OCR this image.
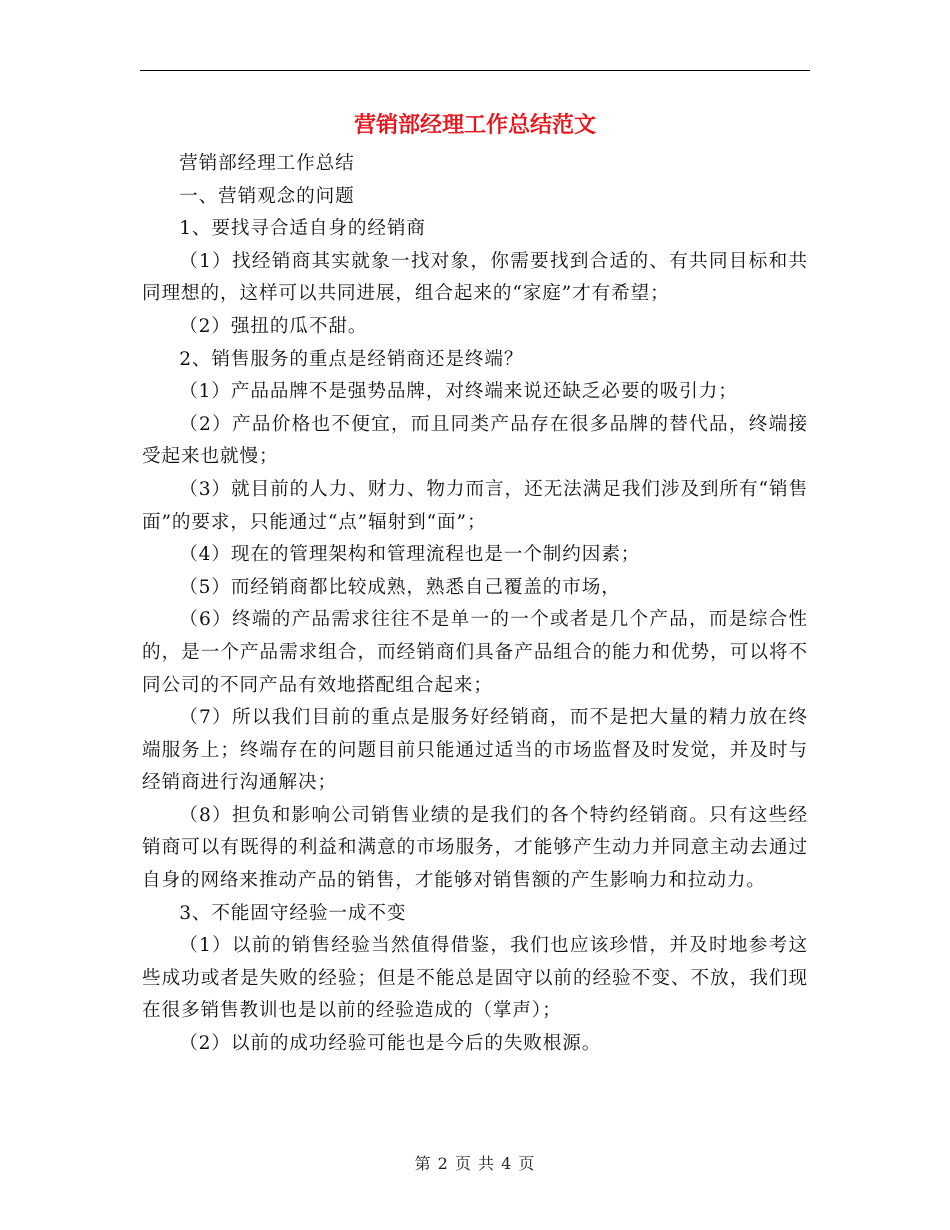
营销部经理工作总结范文

营销部经理工作总结

一、营销观念的问题

1、要找寻合适自身的经销商

（1）找经销商其实就象一找对象，你需要找到合适的、有共同目标和共同理想的，这样可以共同进展，组合起来的“家庭”才有希望；

（2）强扭的瓜不甜。

2、销售服务的重点是经销商还是终端？

（1）产品品牌不是强势品牌，对终端来说还缺乏必要的吸引力；

（2）产品价格也不便宜，而且同类产品存在很多品牌的替代品，终端接受起来也就慢；

（3）就目前的人力、财力、物力而言，还无法满足我们涉及到所有“销售面”的要求，只能通过“点”辐射到“面”；

（4）现在的管理架构和管理流程也是一个制约因素；

（5）而经销商都比较成熟，熟悉自己覆盖的市场，

（6）终端的产品需求往往不是单一的一个或者是几个产品，而是综合性的，是一个产品需求组合，而经销商们具备产品组合的能力和优势，可以将不同公司的不同产品有效地搭配组合起来；

（7）所以我们目前的重点是服务好经销商，而不是把大量的精力放在终端服务上；终端存在的问题目前只能通过适当的市场监督及时发觉，并及时与经销商进行沟通解决；

（8）担负和影响公司销售业绩的是我们的各个特约经销商。只有这些经销商可以有既得的利益和满意的市场服务，才能够产生动力并同意主动去通过自身的网络来推动产品的销售，才能够对销售额的产生影响力和拉动力。

3、不能固守经验一成不变

（1）以前的销售经验当然值得借鉴，我们也应该珍惜，并及时地参考这些成功或者是失败的经验；但是不能总是固守以前的经验不变、不放，我们现在很多销售教训也是以前的经验造成的（掌声）；

（2）以前的成功经验可能也是今后的失败根源。

第 2 页 共 4 页
